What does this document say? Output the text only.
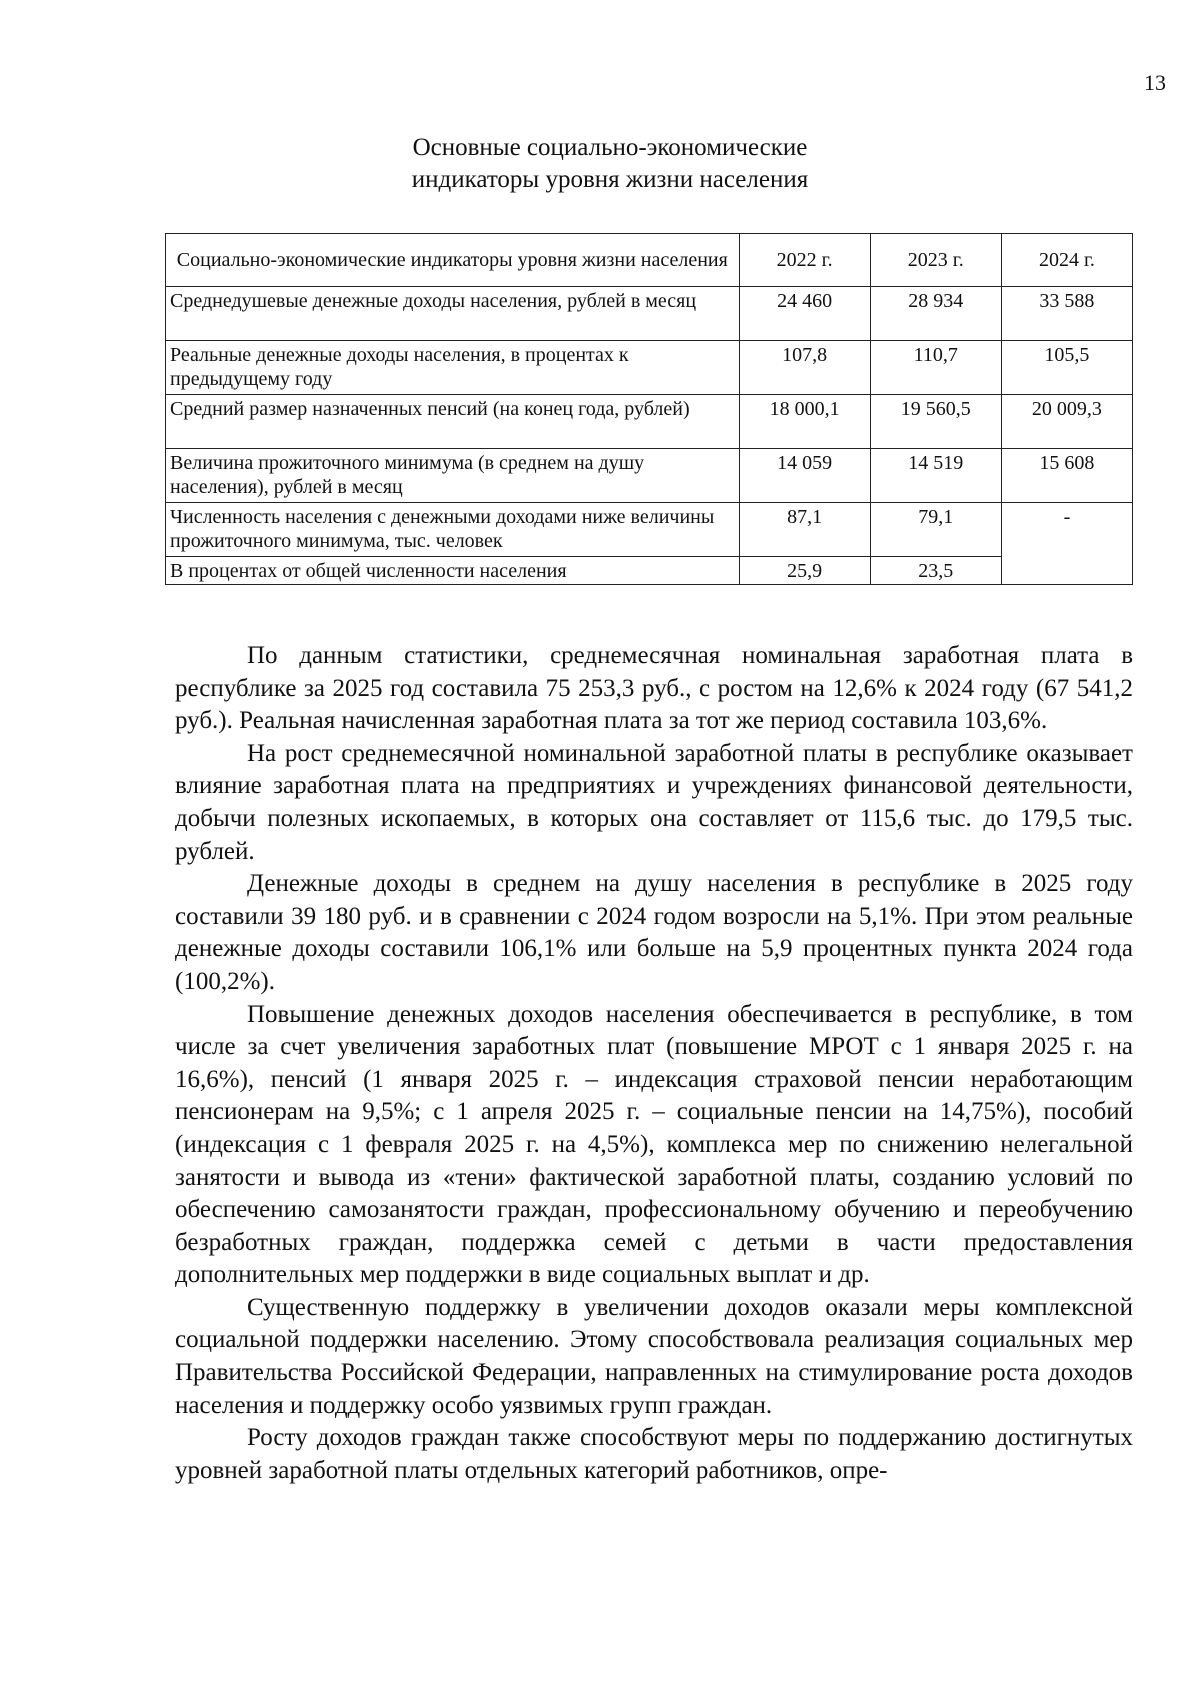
13
Основные социально-экономические
индикаторы уровня жизни населения
Социально-экономические индикаторы уровня жизни населения	2022 г.	2023 г.	2024 г.
Среднедушевые денежные доходы населения, рублей в месяц	24 460	28 934	33 588
Реальные денежные доходы населения, в процентах к предыдущему году	107,8	110,7	105,5
Средний размер назначенных пенсий (на конец года, рублей)	18 000,1	19 560,5	20 009,3
Величина прожиточного минимума (в среднем на душу населения), рублей в месяц	14 059	14 519	15 608
Численность населения с денежными доходами ниже величины прожиточного минимума, тыс. человек	87,1	79,1	-
В процентах от общей численности населения	25,9	23,5	

По данным статистики, среднемесячная номинальная заработная плата в республике за 2025 год составила 75 253,3 руб., с ростом на 12,6% к 2024 году (67 541,2 руб.). Реальная начисленная заработная плата за тот же период составила 103,6%.

На рост среднемесячной номинальной заработной платы в республике оказывает влияние заработная плата на предприятиях и учреждениях финансовой деятельности, добычи полезных ископаемых, в которых она составляет от 115,6 тыс. до 179,5 тыс. рублей.

Денежные доходы в среднем на душу населения в республике в 2025 году составили 39 180 руб. и в сравнении с 2024 годом возросли на 5,1%. При этом реальные денежные доходы составили 106,1% или больше на 5,9 процентных пункта 2024 года (100,2%).

Повышение денежных доходов населения обеспечивается в республике, в том числе за счет увеличения заработных плат (повышение МРОТ с 1 января 2025 г. на 16,6%), пенсий (1 января 2025 г. – индексация страховой пенсии неработающим пенсионерам на 9,5%; с 1 апреля 2025 г. – социальные пенсии на 14,75%), пособий (индексация с 1 февраля 2025 г. на 4,5%), комплекса мер по снижению нелегальной занятости и вывода из «тени» фактической заработной платы, созданию условий по обеспечению самозанятости граждан, профессиональному обучению и переобучению безработных граждан, поддержка семей с детьми в части предоставления дополнительных мер поддержки в виде социальных выплат и др.

Существенную поддержку в увеличении доходов оказали меры комплексной социальной поддержки населению. Этому способствовала реализация социальных мер Правительства Российской Федерации, направленных на стимулирование роста доходов населения и поддержку особо уязвимых групп граждан.

Росту доходов граждан также способствуют меры по поддержанию достигнутых уровней заработной платы отдельных категорий работников, опре-
